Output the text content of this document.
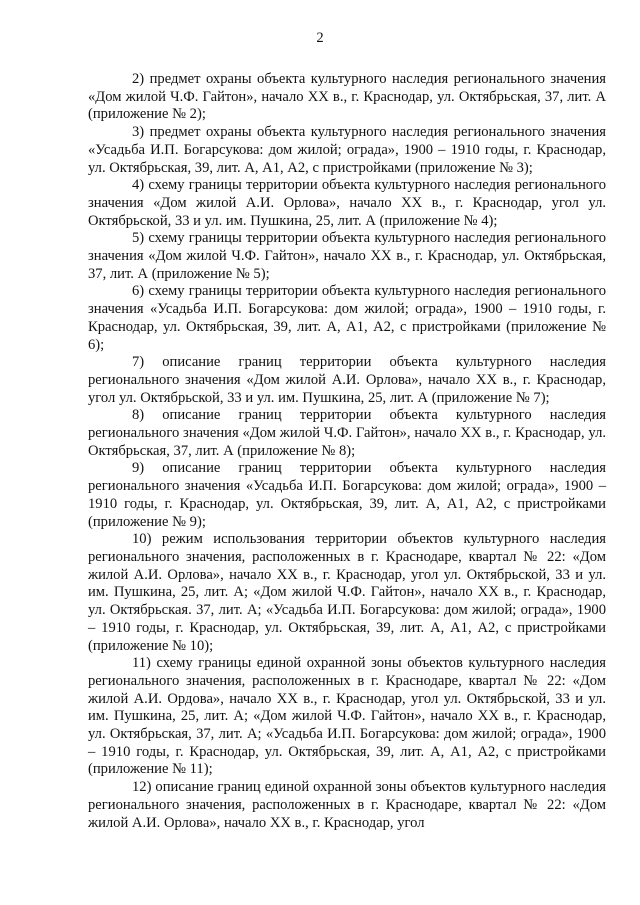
2

2) предмет охраны объекта культурного наследия регионального значения «Дом жилой Ч.Ф. Гайтон», начало XX в., г. Краснодар, ул. Октябрьская, 37, лит. А (приложение № 2);

3) предмет охраны объекта культурного наследия регионального значения «Усадьба И.П. Богарсукова: дом жилой; ограда», 1900 – 1910 годы, г. Краснодар, ул. Октябрьская, 39, лит. А, А1, А2, с пристройками (приложение № 3);

4) схему границы территории объекта культурного наследия регионального значения «Дом жилой А.И. Орлова», начало XX в., г. Краснодар, угол ул. Октябрьской, 33 и ул. им. Пушкина, 25, лит. А (приложение № 4);

5) схему границы территории объекта культурного наследия регионального значения «Дом жилой Ч.Ф. Гайтон», начало XX в., г. Краснодар, ул. Октябрьская, 37, лит. А (приложение № 5);

6) схему границы территории объекта культурного наследия регионального значения «Усадьба И.П. Богарсукова: дом жилой; ограда», 1900 – 1910 годы, г. Краснодар, ул. Октябрьская, 39, лит. А, А1, А2, с пристройками (приложение № 6);

7) описание границ территории объекта культурного наследия регионального значения «Дом жилой А.И. Орлова», начало XX в., г. Краснодар, угол ул. Октябрьской, 33 и ул. им. Пушкина, 25, лит. А (приложение № 7);

8) описание границ территории объекта культурного наследия регионального значения «Дом жилой Ч.Ф. Гайтон», начало XX в., г. Краснодар, ул. Октябрьская, 37, лит. А (приложение № 8);

9) описание границ территории объекта культурного наследия регионального значения «Усадьба И.П. Богарсукова: дом жилой; ограда», 1900 – 1910 годы, г. Краснодар, ул. Октябрьская, 39, лит. А, А1, А2, с пристройками (приложение № 9);

10) режим использования территории объектов культурного наследия регионального значения, расположенных в г. Краснодаре, квартал № 22: «Дом жилой А.И. Орлова», начало XX в., г. Краснодар, угол ул. Октябрьской, 33 и ул. им. Пушкина, 25, лит. А; «Дом жилой Ч.Ф. Гайтон», начало XX в., г. Краснодар, ул. Октябрьская. 37, лит. А; «Усадьба И.П. Богарсукова: дом жилой; ограда», 1900 – 1910 годы, г. Краснодар, ул. Октябрьская, 39, лит. А, А1, А2, с пристройками (приложение № 10);

11) схему границы единой охранной зоны объектов культурного наследия регионального значения, расположенных в г. Краснодаре, квартал № 22: «Дом жилой А.И. Ордова», начало XX в., г. Краснодар, угол ул. Октябрьской, 33 и ул. им. Пушкина, 25, лит. А; «Дом жилой Ч.Ф. Гайтон», начало XX в., г. Краснодар, ул. Октябрьская, 37, лит. А; «Усадьба И.П. Богарсукова: дом жилой; ограда», 1900 – 1910 годы, г. Краснодар, ул. Октябрьская, 39, лит. А, А1, А2, с пристройками (приложение № 11);

12) описание границ единой охранной зоны объектов культурного наследия регионального значения, расположенных в г. Краснодаре, квартал № 22: «Дом жилой А.И. Орлова», начало XX в., г. Краснодар, угол
